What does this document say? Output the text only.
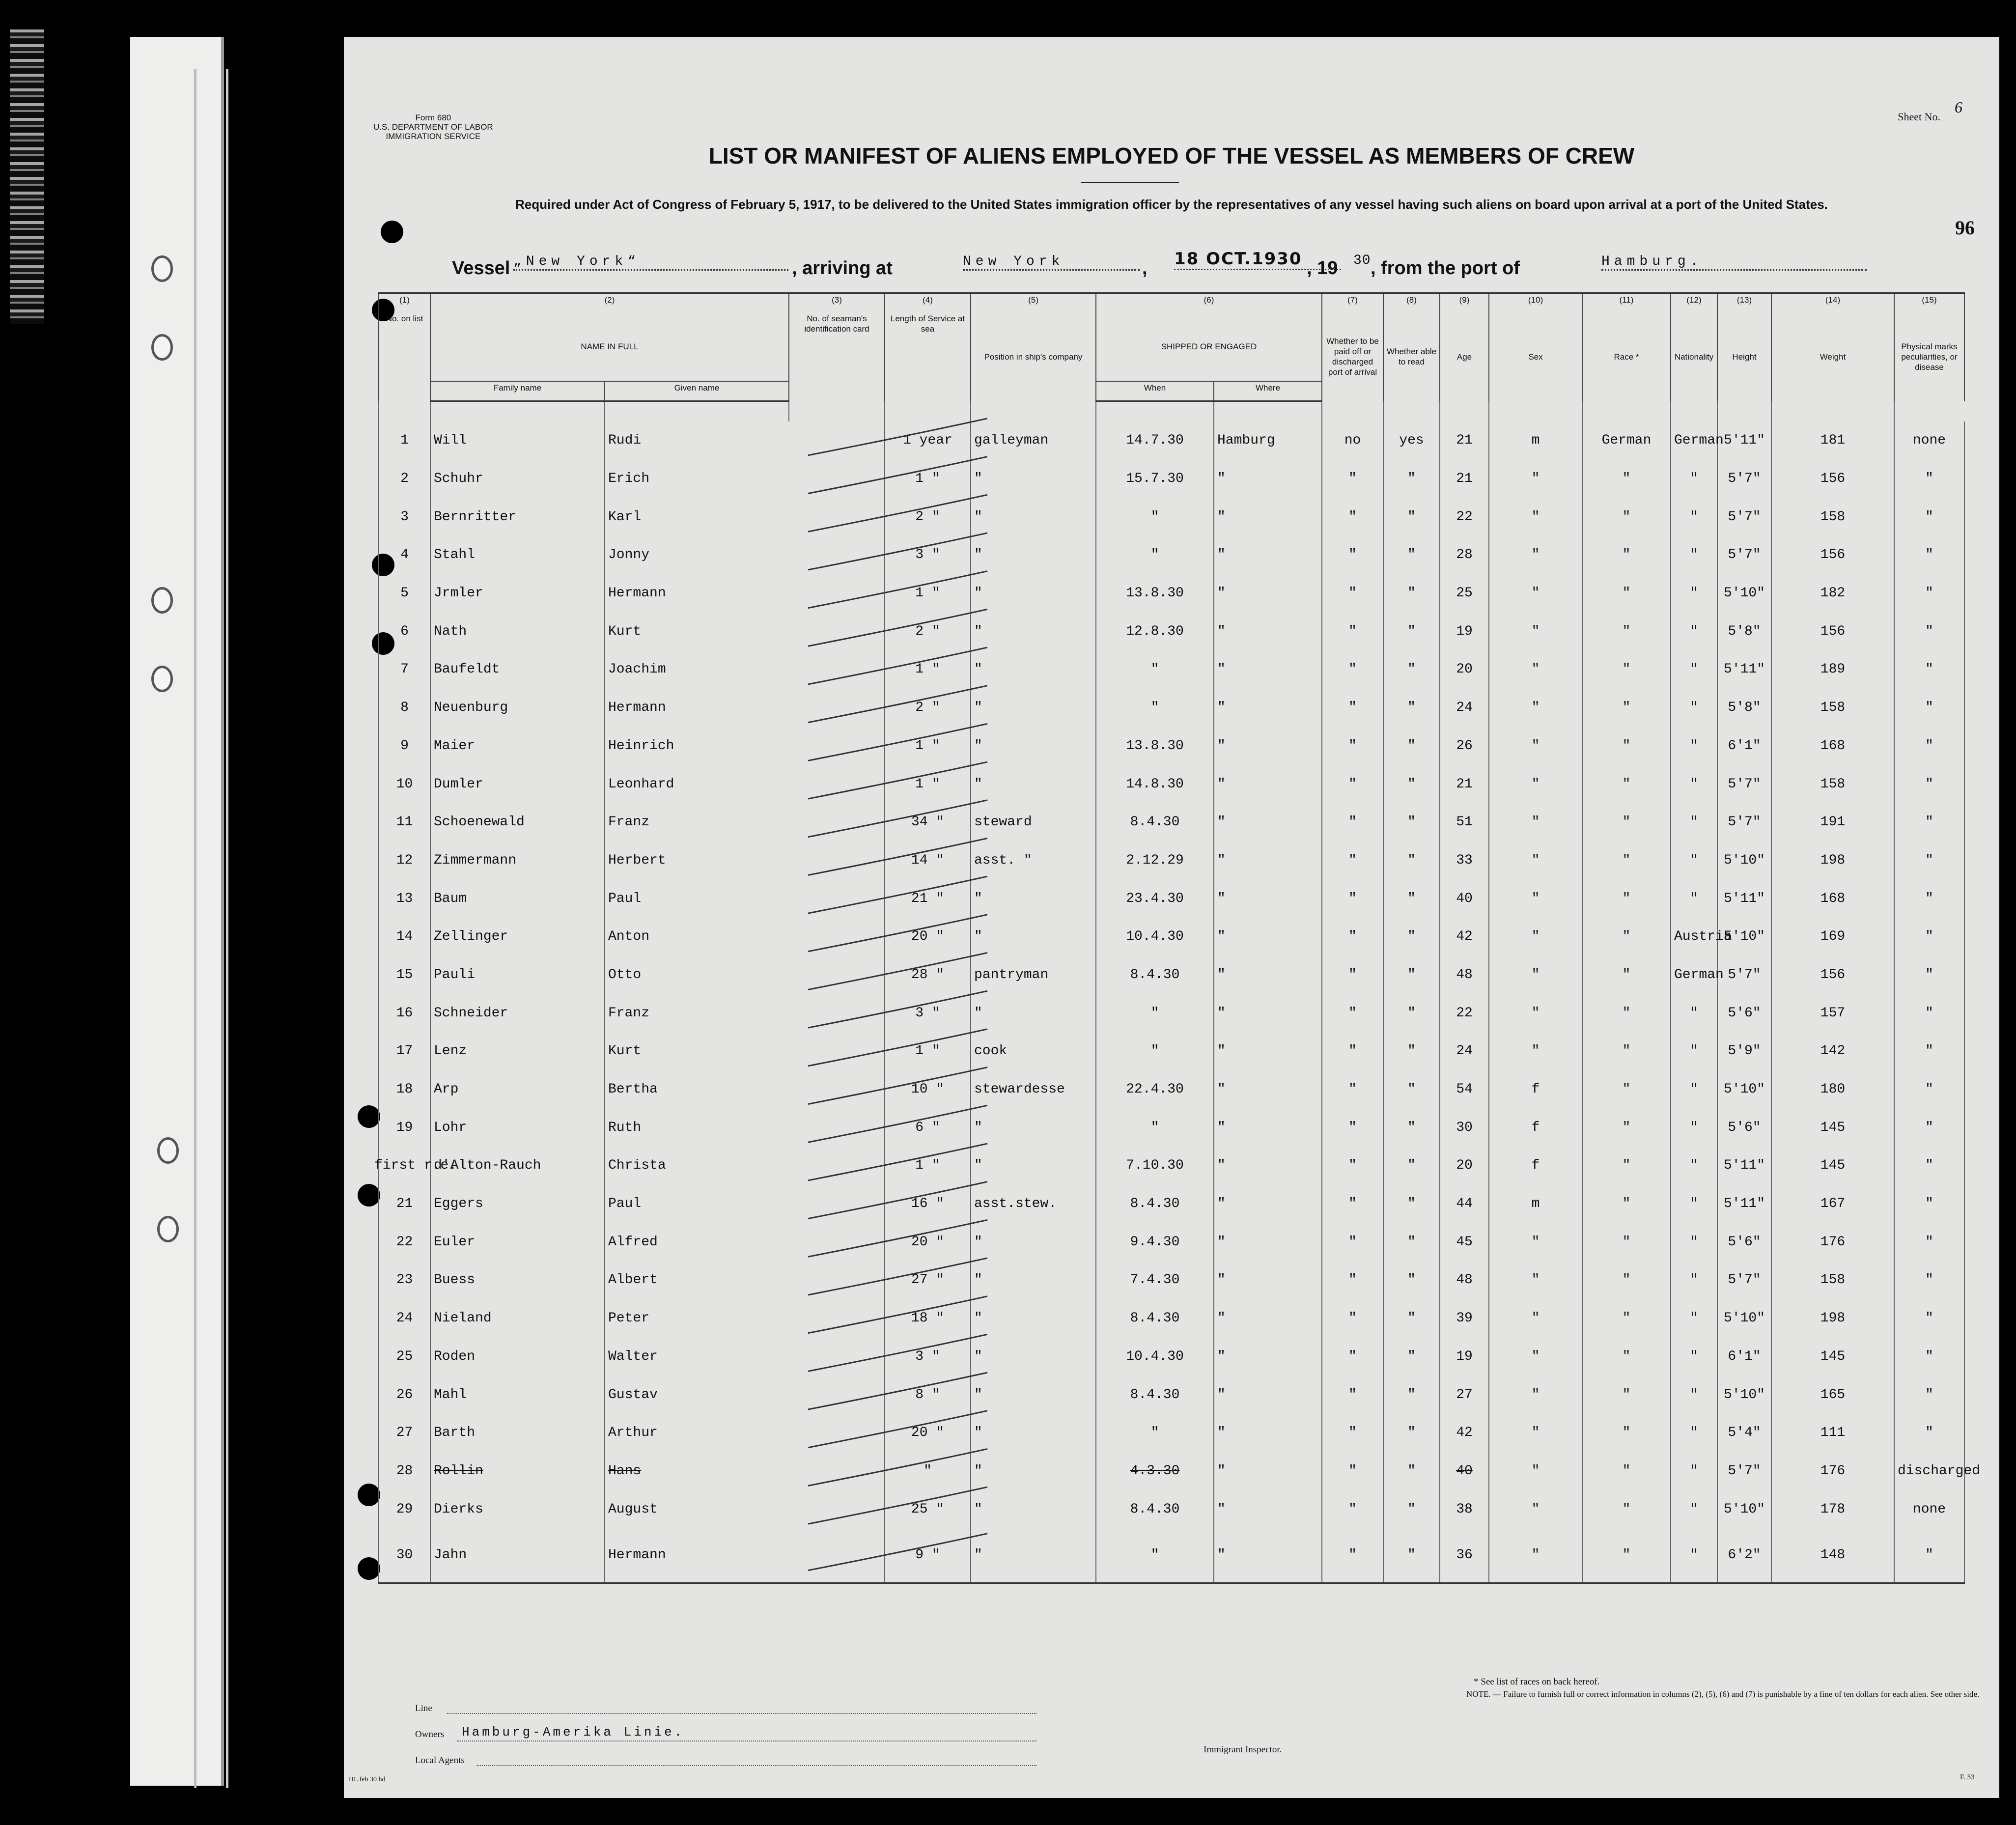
Form 680
U.S. DEPARTMENT OF LABOR
IMMIGRATION SERVICE
Sheet No.
6
LIST OR MANIFEST OF ALIENS EMPLOYED OF THE VESSEL AS MEMBERS OF CREW
Required under Act of Congress of February 5, 1917, to be delivered to the United States immigration officer by the representatives of any vessel having such aliens on board upon arrival at a port of the United States.
96
Vessel „New York“	, arriving at	New York	, 18 OCT.1930 , 19 30 , from the port of	Hamburg.
(1)	(2)		(3)	(4)	(5)	(6)		(7)	(8)	(9)	(10)	(11)	(12)	(13)	(14)	(15)
No. on list	NAME IN FULL		No. of seaman's identification card	Length of Service at sea	Position in ship's company	SHIPPED OR ENGAGED		Whether to be paid off or discharged port of arrival	Whether able to read	Age	Sex	Race *	Nationality	Height	Weight	Physical marks peculiarities, or disease
	Family name	Given name				When	Where									

1	Will	Rudi		1 year	galleyman	14.7.30	Hamburg	no	yes	21	m	German	German	5'11"	181	none
2	Schuhr	Erich		1 "	"	15.7.30	"	"	"	21	"	"	"	5'7"	156	"
3	Bernritter	Karl		2 "	"	"	"	"	"	22	"	"	"	5'7"	158	"
4	Stahl	Jonny		3 "	"	"	"	"	"	28	"	"	"	5'7"	156	"
5	Jrmler	Hermann		1 "	"	13.8.30	"	"	"	25	"	"	"	5'10"	182	"
6	Nath	Kurt		2 "	"	12.8.30	"	"	"	19	"	"	"	5'8"	156	"
7	Baufeldt	Joachim		1 "	"	"	"	"	"	20	"	"	"	5'11"	189	"
8	Neuenburg	Hermann		2 "	"	"	"	"	"	24	"	"	"	5'8"	158	"
9	Maier	Heinrich		1 "	"	13.8.30	"	"	"	26	"	"	"	6'1"	168	"
10	Dumler	Leonhard		1 "	"	14.8.30	"	"	"	21	"	"	"	5'7"	158	"
11	Schoenewald	Franz		34 "	steward	8.4.30	"	"	"	51	"	"	"	5'7"	191	"
12	Zimmermann	Herbert		14 "	asst. "	2.12.29	"	"	"	33	"	"	"	5'10"	198	"
13	Baum	Paul		21 "	"	23.4.30	"	"	"	40	"	"	"	5'11"	168	"
14	Zellinger	Anton		20 "	"	10.4.30	"	"	"	42	"	"	Austria	5'10"	169	"
15	Pauli	Otto		28 "	pantryman	8.4.30	"	"	"	48	"	"	German	5'7"	156	"
16	Schneider	Franz		3 "	"	"	"	"	"	22	"	"	"	5'6"	157	"
17	Lenz	Kurt		1 "	cook	"	"	"	"	24	"	"	"	5'9"	142	"
18	Arp	Bertha		10 "	stewardesse	22.4.30	"	"	"	54	f	"	"	5'10"	180	"
19	Lohr	Ruth		6 "	"	"	"	"	"	30	f	"	"	5'6"	145	"

first r.e.	d'Alton-Rauch	Christa		1 "	"	7.10.30	"	"	"	20	f	"	"	5'11"	145	"
21	Eggers	Paul		16 "	asst.stew.	8.4.30	"	"	"	44	m	"	"	5'11"	167	"
22	Euler	Alfred		20 "	"	9.4.30	"	"	"	45	"	"	"	5'6"	176	"
23	Buess	Albert		27 "	"	7.4.30	"	"	"	48	"	"	"	5'7"	158	"
24	Nieland	Peter		18 "	"	8.4.30	"	"	"	39	"	"	"	5'10"	198	"
25	Roden	Walter		3 "	"	10.4.30	"	"	"	19	"	"	"	6'1"	145	"
26	Mahl	Gustav		8 "	"	8.4.30	"	"	"	27	"	"	"	5'10"	165	"
27	Barth	Arthur		20 "	"	"	"	"	"	42	"	"	"	5'4"	111	"
28	Rollin	Hans		"	"	4.3.30	"	"	"	40	"	"	"	5'7"	176	discharged
29	Dierks	August		25 "	"	8.4.30	"	"	"	38	"	"	"	5'10"	178	none
30	Jahn	Hermann		9 "	"	"	"	"	"	36	"	"	"	6'2"	148	"
Line
Owners Hamburg-Amerika Linie.
Local Agents
Immigrant Inspector.
* See list of races on back hereof.
NOTE. — Failure to furnish full or correct information in columns (2), (5), (6) and (7) is punishable by a fine of ten dollars for each alien. See other side.
HL feb 30 hd	F. 53
